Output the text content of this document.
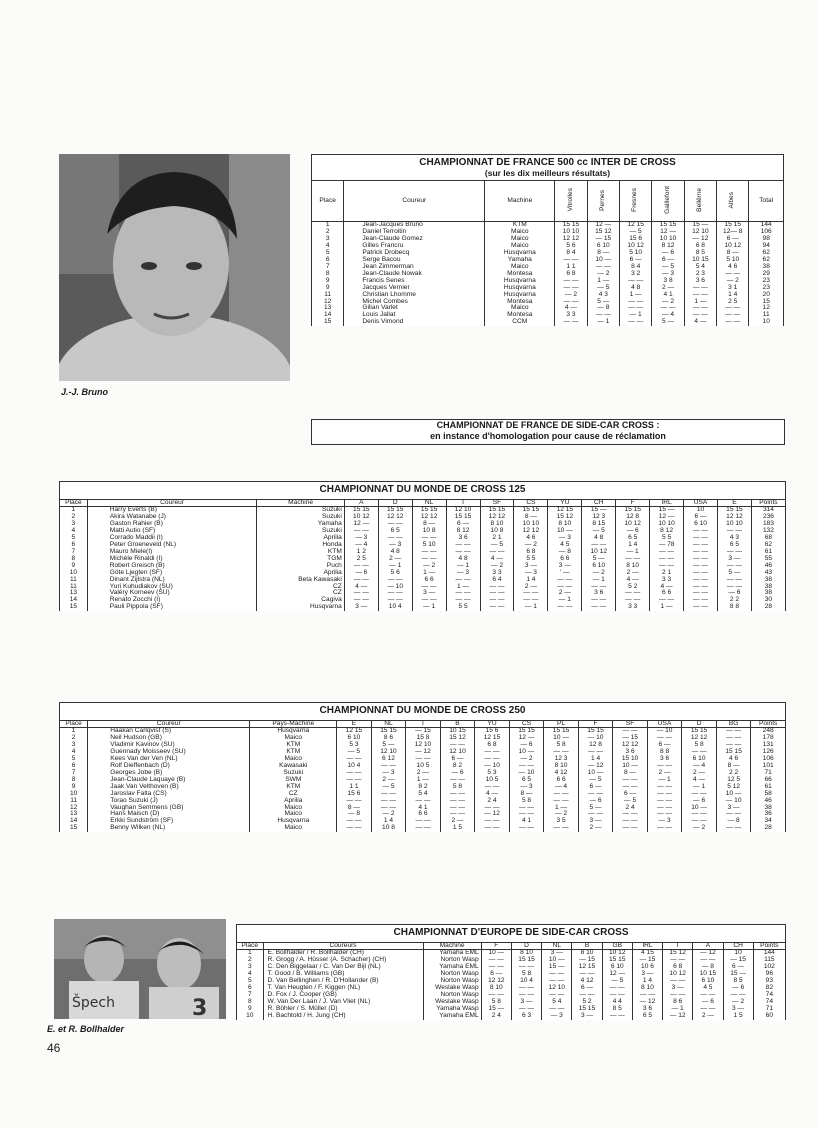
J.-J. Bruno
CHAMPIONNAT DE FRANCE 500 cc INTER DE CROSS
(sur les dix meilleurs résultats)									

Place	Coureur	Machine	Vitrolles	Pernes	Fresnes	Gaillefont	Bellême	Albes	Total
1	Jean-Jacques Bruno	KTM	15 15	12 —	12 15	15 15	15 —	15 15	144
2	Daniel Terroitin	Maico	10 10	15 12	— 5	12 —	12 10	12— 8	106
3	Jean-Claude Gomez	Maico	12 12	— 15	15 6	10 10	— 12	6 —	98
4	Gilles Francru	Maico	5 6	6 10	10 12	8 12	6 8	10 12	94
5	Patrick Drobecq	Husqvarna	8 4	8 —	5 10	— 6	8 5	8 —	62
6	Serge Bacou	Yamaha	— —	10 —	6 —	6 —	10 15	5 10	62
7	Jean Zimmerman	Maico	1 1	— —	8 4	— 5	5 4	4 6	38
8	Jean-Claude Nowak	Montesa	6 8	— 2	3 2	— 3	2 3	— —	29
9	Francis Senes	Husqvarna	— —	1 —	— —	3 8	3 6	— 2	23
9	Jacques Vernier	Husqvarna	— —	— 5	4 8	2 —	— —	3 1	23
11	Christian Lhomme	Husqvarna	— 2	4 3	1 —	4 1	— —	1 4	20
12	Michel Combes	Montesa	— —	5 —	— —	— 2	1 —	2 5	15
13	Gilian Varlet	Maico	4 —	— 8	— —	— —	— —	— —	12
14	Louis Jallat	Montesa	3 3	— —	— 1	— 4	— —	— —	11
15	Denis Vimond	CCM	— —	— 1	— —	5 —	4 —	— —	10
CHAMPIONNAT DE FRANCE DE SIDE-CAR CROSS :
en instance d'homologation pour cause de réclamation
CHAMPIONNAT DU MONDE DE CROSS 125															
Place	Coureur	Machine	A	D	NL	I	SF	CS	YU	CH	F	IRL	USA	E	Points
1	Harry Everts (B)	Suzuki	15 15	15 15	15 15	12 10	15 15	15 15	12 15	15 —	15 15	15 —	10	15 15	314
2	Akira Watanabe (J)	Suzuki	10 12	12 12	12 12	15 15	12 12	8 —	15 12	12 3	12 8	12 —	6 —	12 12	236
3	Gaston Rahier (B)	Yamaha	12 —	— —	8 —	6 —	8 10	10 10	8 10	8 15	10 12	10 10	6 10	10 10	183
4	Matti Autio (SF)	Suzuki	— —	6 5	10 8	8 12	10 8	12 12	10 —	— 5	— 6	8 12	— —	— —	132
5	Corrado Maddii (I)	Aprilia	— 3	— —	— —	3 6	2 1	4 6	— 3	4 8	6 5	5 5	— —	4 3	68
6	Peter Groeneveld (NL)	Honda	— 4	— 3	5 10	— —	— 5	— 2	4 5	— —	1 4	— 78	— —	6 5	62
7	Mauro Miele(I)	KTM	1 2	4 8	— —	— —	— —	6 8	— 8	10 12	— 1	— —	— —	— —	61
8	Michèle Rinaldi (I)	TGM	2 5	2 —	— —	4 8	4 —	5 5	6 6	5 —	— —	— —	— —	3 —	55
9	Robert Greisch (B)	Puch	— —	— 1	— 2	— 1	— 2	3 —	3 —	6 10	8 10	— —	— —	— —	46
10	Göte Ljegten (SF)	Aprilia	— 6	5 6	1 —	— 3	3 3	— 3	' —	— 2	2 —	2 1	— —	5 —	43
11	Dinant Zijlstra (NL)	Beta Kawasaki	— —	— —	6 6	— —	6 4	1 4	— —	— 1	4 —	3 3	— —	— —	38
11	Yuri Kuhudiakov (SU)	CZ	4 —	— 10	— —	1 —	— —	2 —	— —	— —	5 2	4 —	— —	— —	38
13	Valéry Korneev (SU)	CZ	— —	— —	3 —	— —	— —	— —	2 —	3 6	— —	6 6	— —	— 6	38
14	Renato Zocchi (I)	Cagiva	— —	— —	— —	— —	— —	— —	— 1	— —	— —	— —	— —	2 2	30
15	Pauli Pippola (SF)	Husqvarna	3 —	10 4	— 1	5 5	— —	— 1	— —	— —	3 3	1 —	— —	8 8	28
CHAMPIONNAT DU MONDE DE CROSS 250															
Place	Coureur	Pays-Machine	E	NL	I	B	YU	CS	PL	F	SF	USA	D	BG	Points
1	Haakan Carlqvist (S)	Husqvarna	12 15	15 15	— 15	10 15	15 6	15 15	15 15	15 15	— —	— 10	15 15	— —	248
2	Neil Hudson (GB)	Maico	6 10	8 6	15 8	15 12	12 15	12 —	10 —	— 10	— 15	— —	12 12	— —	178
3	Vladimir Kavinov (SU)	KTM	5 3	5 —	12 10	— —	6 8	— 6	5 8	12 8	12 12	6 —	5 8	— —	131
4	Guennady Moisseev (SU)	KTM	— 5	12 10	— 12	12 10	— —	10 —	— —	— —	3 6	8 8	— —	15 15	126
5	Kees Van der Ven (NL)	Maico	— —	6 12	— —	6 —	— —	— 2	12 3	1 4	15 10	3 6	6 10	4 6	106
6	Rolf Dieffenbach (D)	Kawasaki	10 4	— —	10 5	8 2	— 10	— —	8 10	— 12	10 —	— —	— 4	8 —	101
7	Georges Jobe (B)	Suzuki	— —	— 3	2 —	— 6	5 3	— 10	4 12	10 —	8 —	2 —	2 —	2 2	71
8	Jean-Claude Laquaye (B)	SWM	— —	2 —	1 —	— —	10 5	6 5	6 6	— 5	— —	— 1	4 —	12 5	66
9	Jaak Van Velthoven (B)	KTM	1 1	— 5	8 2	5 8	— —	— 3	— 4	6 —	— —	— —	— 1	5 12	61
10	Jaroslav Falta (CS)	CZ	15 6	— —	5 4	— —	4 —	8 —	— —	— —	6 —	— —	— —	10 —	58
11	Torao Suzuki (J)	Aprilia	— —	— —	— —	— —	2 4	5 8	— —	— 6	— 5	— —	— 6	— 10	46
12	Vaughan Semmens (GB)	Maico	8 —	— —	4 1	— —	— —	— —	1 —	5 —	2 4	— —	10 —	3 —	38
13	Hans Maisch (D)	Maico	— 8	— 2	6 6	— —	— 12	— —	— 2	— —	— —	— —	— —	— —	36
14	Erkki Sundström (SF)	Husqvarna	— —	1 4	— —	2 —	— —	4 1	3 5	3 —	— —	— 3	— —	— 8	34
15	Benny Wilken (NL)	Maico	— —	10 8	— —	1 5	— —	— —	— —	2 —	— —	— —	— 2	— —	28
Špech	3
E. et R. Bollhalder
CHAMPIONNAT D'EUROPE DE SIDE-CAR CROSS												
Place	Coureurs	Machine	F	D	NL	B	GB	IRL	I	A	CH	Points
1	E. Bollhalder / R. Bollhalder (CH)	Yamaha EML	10 —	8 10	3 —	8 10	10 12	4 15	15 12	— 12	10	144
2	R. Grogg / A. Hüsser (A. Schacher) (CH)	Norton Wasp	— —	15 15	10 —	— 15	15 15	— 15	— —	— —	— 15	115
3	C. Den Biggelaar / C. Van Der Bijl (NL)	Yamaha EML	— —	— —	15 —	12 15	6 10	10 6	6 8	— 8	6 —	102
4	T. Good / B. Williams (GB)	Norton Wasp	6 —	5 8	— —	— —	12 —	3 —	10 12	10 15	15 —	96
5	D. Van Bellinghen / R. D'Hollander (B)	Norton Wasp	12 12	10 4	— —	4 12	— 5	1 4	— —	6 10	8 5	93
6	T. Van Heugten / F. Kiggen (NL)	Weslake Wasp	8 10	— —	12 10	6 —	— —	8 10	3 —	4 5	— 6	82
7	D. Fox / J. Cooper (GB)	Norton Wasp	— —	— —	— —	— —	— —	— —	— —	— —	— —	74
8	W. Van Der Laan / J. Van Vliet (NL)	Weslake Wasp	5 8	3 —	5 4	5 2	4 4	— 12	8 6	— 6	— 2	74
9	R. Böhler / S. Müller (D)	Yamaha Wasp	15 —	— —	— —	15 15	8 5	3 6	— 1	— —	3 —	71
10	H. Bachtold / H. Jung (CH)	Yamaha EML	2 4	6 3	— 3	3 —	— —	6 5	— 12	2 —	1 5	60
46
